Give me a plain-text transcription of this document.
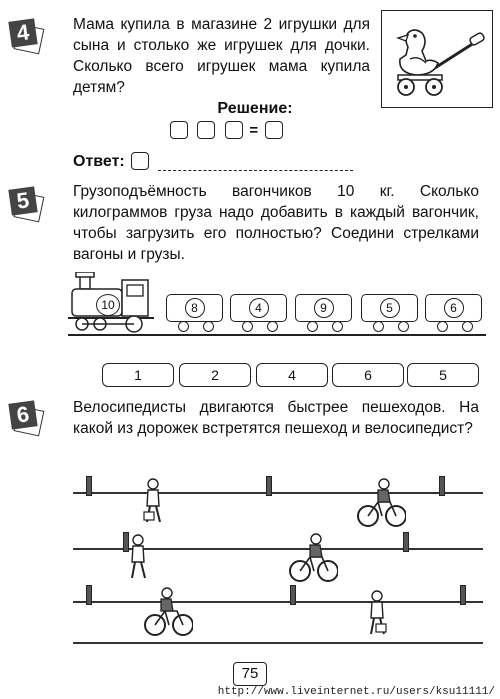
4	Мама купила в магазине 2 игрушки для сына и столько же игрушек для дочки. Сколько всего игрушек мама купила детям?
Решение:
=
Ответ:
5	Грузоподъёмность вагончиков 10 кг. Сколько килограммов груза надо добавить в каждый вагончик, чтобы загрузить его полностью? Соедини стрелками вагоны и грузы.
10	8	4	9	5	6
1	2	4	6	5
6	Велосипедисты двигаются быстрее пешеходов. На какой из дорожек встретятся пешеход и велосипедист?
75
http://www.liveinternet.ru/users/ksu11111/
